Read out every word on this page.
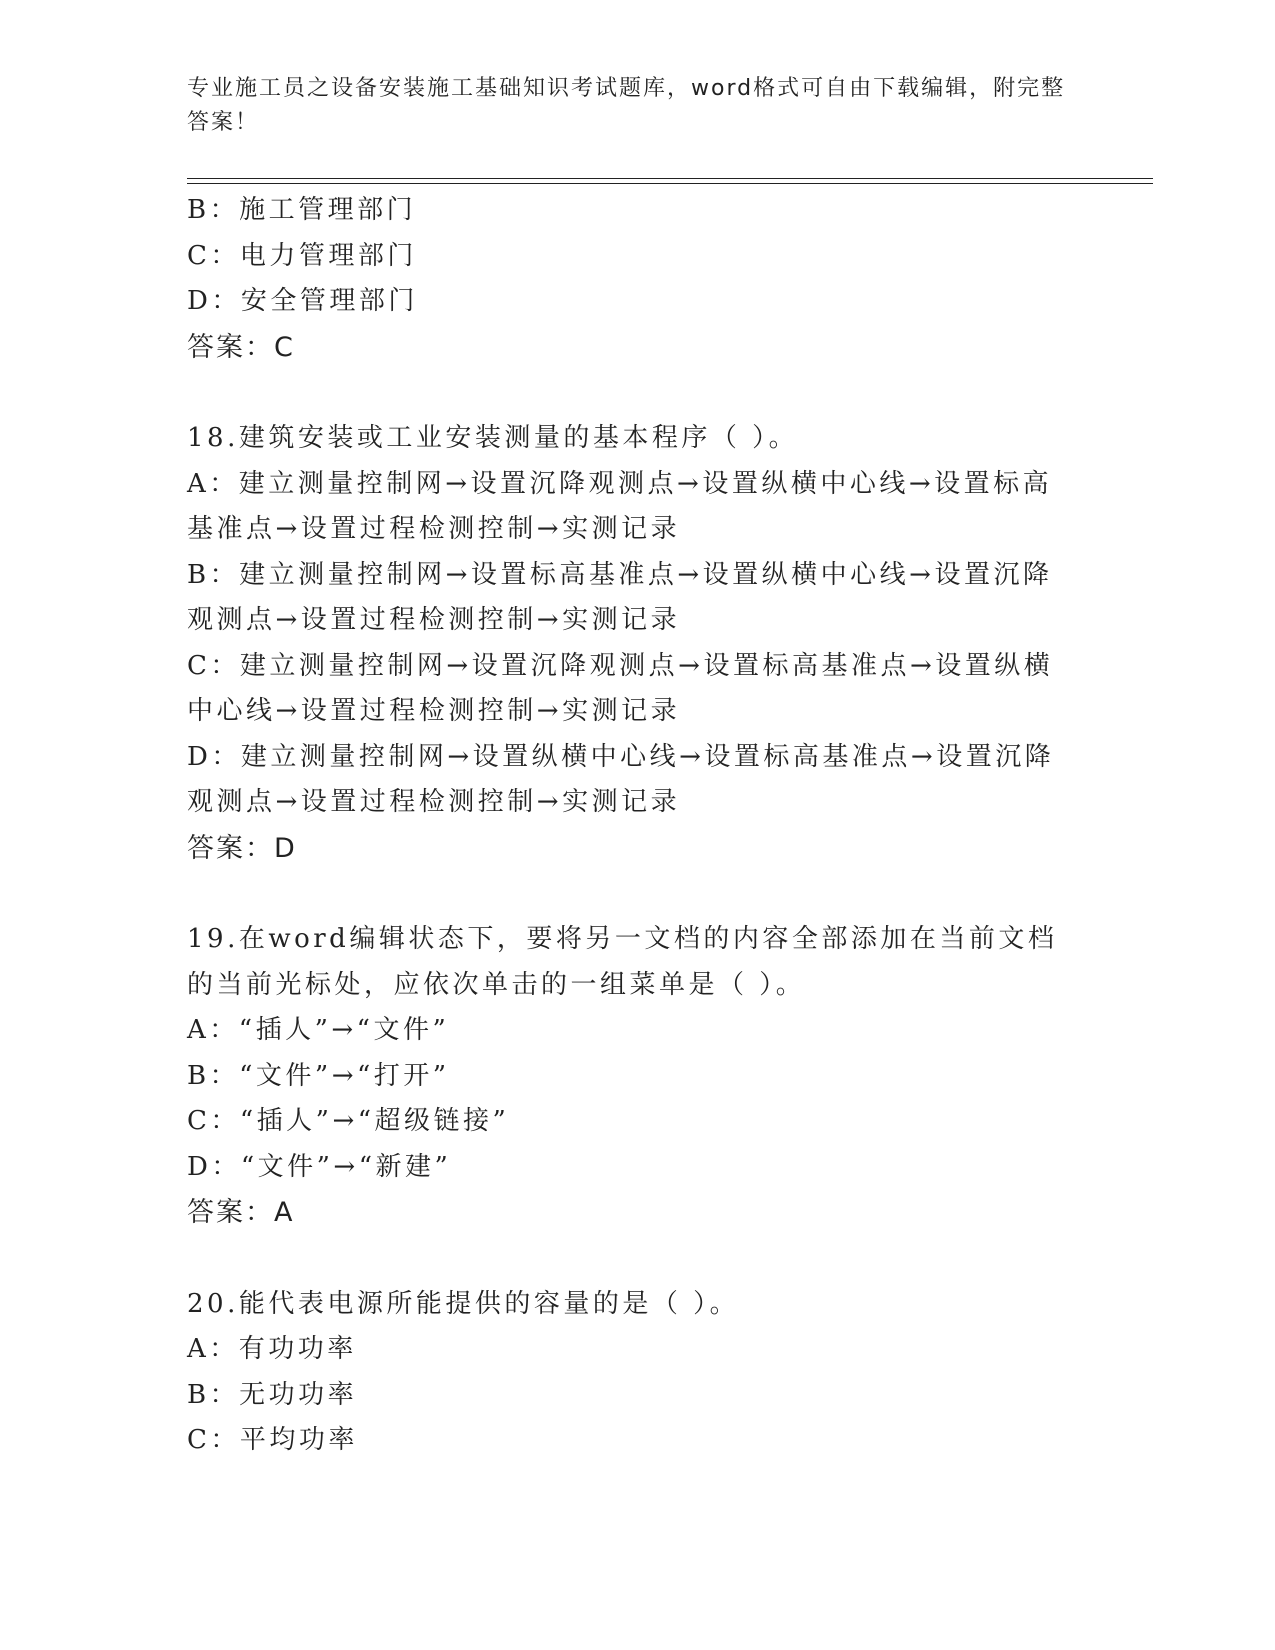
专业施工员之设备安装施工基础知识考试题库，word格式可自由下载编辑，附完整答案！
B：施工管理部门
C：电力管理部门
D：安全管理部门
答案：C
18.建筑安装或工业安装测量的基本程序（ ）。
A：建立测量控制网→设置沉降观测点→设置纵横中心线→设置标高基准点→设置过程检测控制→实测记录
B：建立测量控制网→设置标高基准点→设置纵横中心线→设置沉降观测点→设置过程检测控制→实测记录
C：建立测量控制网→设置沉降观测点→设置标高基准点→设置纵横中心线→设置过程检测控制→实测记录
D：建立测量控制网→设置纵横中心线→设置标高基准点→设置沉降观测点→设置过程检测控制→实测记录
答案：D
19.在word编辑状态下，要将另一文档的内容全部添加在当前文档的当前光标处，应依次单击的一组菜单是（ ）。
A：“插人”→“文件”
B：“文件”→“打开”
C：“插人”→“超级链接”
D：“文件”→“新建”
答案：A
20.能代表电源所能提供的容量的是（ ）。
A：有功功率
B：无功功率
C：平均功率
